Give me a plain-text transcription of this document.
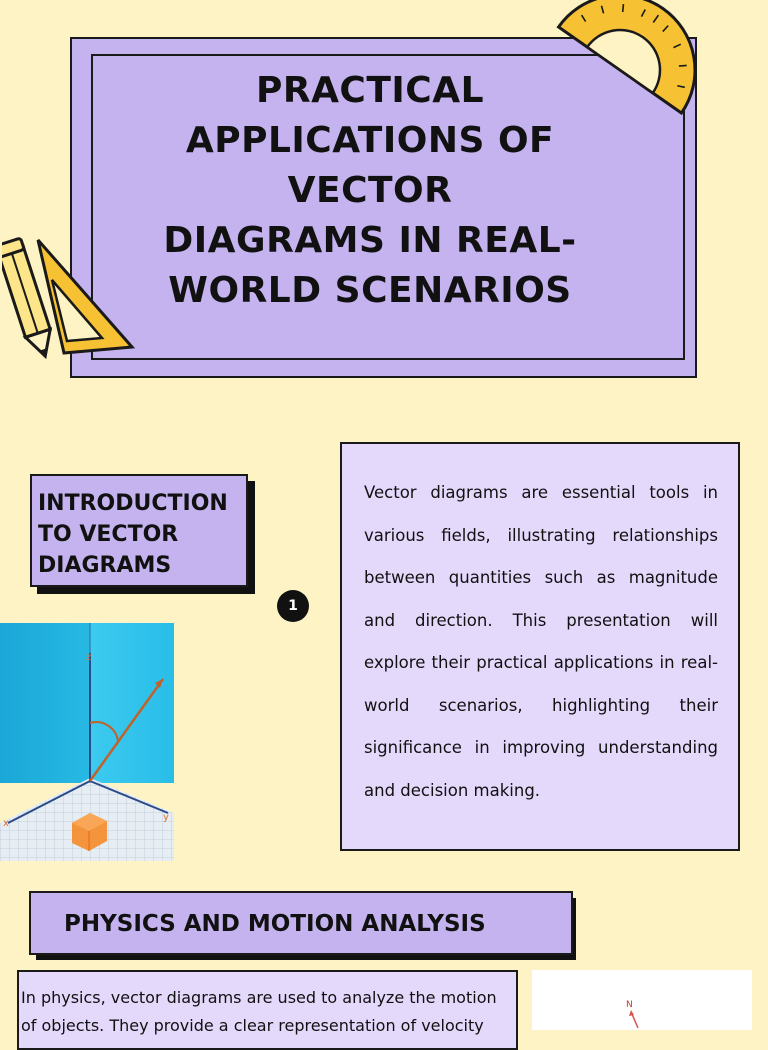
PRACTICAL
APPLICATIONS OF
VECTOR
DIAGRAMS IN REAL-
WORLD SCENARIOS
INTRODUCTION
TO VECTOR
DIAGRAMS
1

Vector diagrams are essential tools in various fields, illustrating relationships between quantities such as magnitude and direction. This presentation will explore their practical applications in real-world scenarios, highlighting their significance in improving understanding and decision making.

z
x
y
PHYSICS AND MOTION ANALYSIS

In physics, vector diagrams are used to analyze the motion

of objects. They provide a clear representation of velocity

N
